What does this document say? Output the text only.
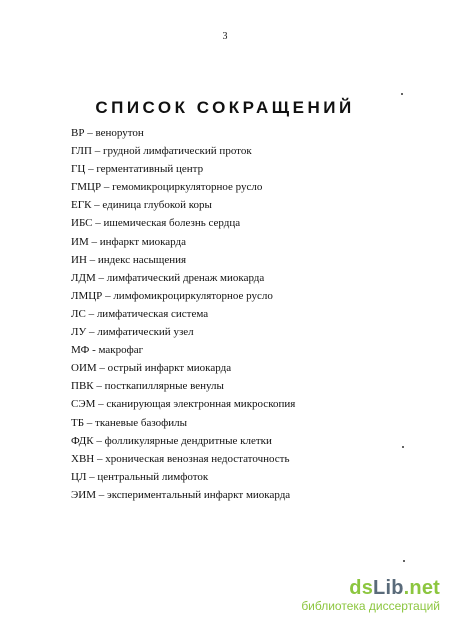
3
СПИСОК СОКРАЩЕНИЙ
ВР – венорутон
ГЛП – грудной лимфатический проток
ГЦ – герментативный центр
ГМЦР – гемомикроциркуляторное русло
ЕГК – единица глубокой коры
ИБС – ишемическая болезнь сердца
ИМ – инфаркт миокарда
ИН – индекс насыщения
ЛДМ – лимфатический дренаж миокарда
ЛМЦР – лимфомикроциркуляторное русло
ЛС – лимфатическая система
ЛУ – лимфатический узел
МФ - макрофаг
ОИМ – острый инфаркт миокарда
ПВК – посткапиллярные венулы
СЭМ – сканирующая электронная микроскопия
ТБ – тканевые базофилы
ФДК – фолликулярные дендритные клетки
ХВН – хроническая венозная недостаточность
ЦЛ – центральный лимфоток
ЭИМ – экспериментальный инфаркт миокарда
dsLib.net
библиотека диссертаций
